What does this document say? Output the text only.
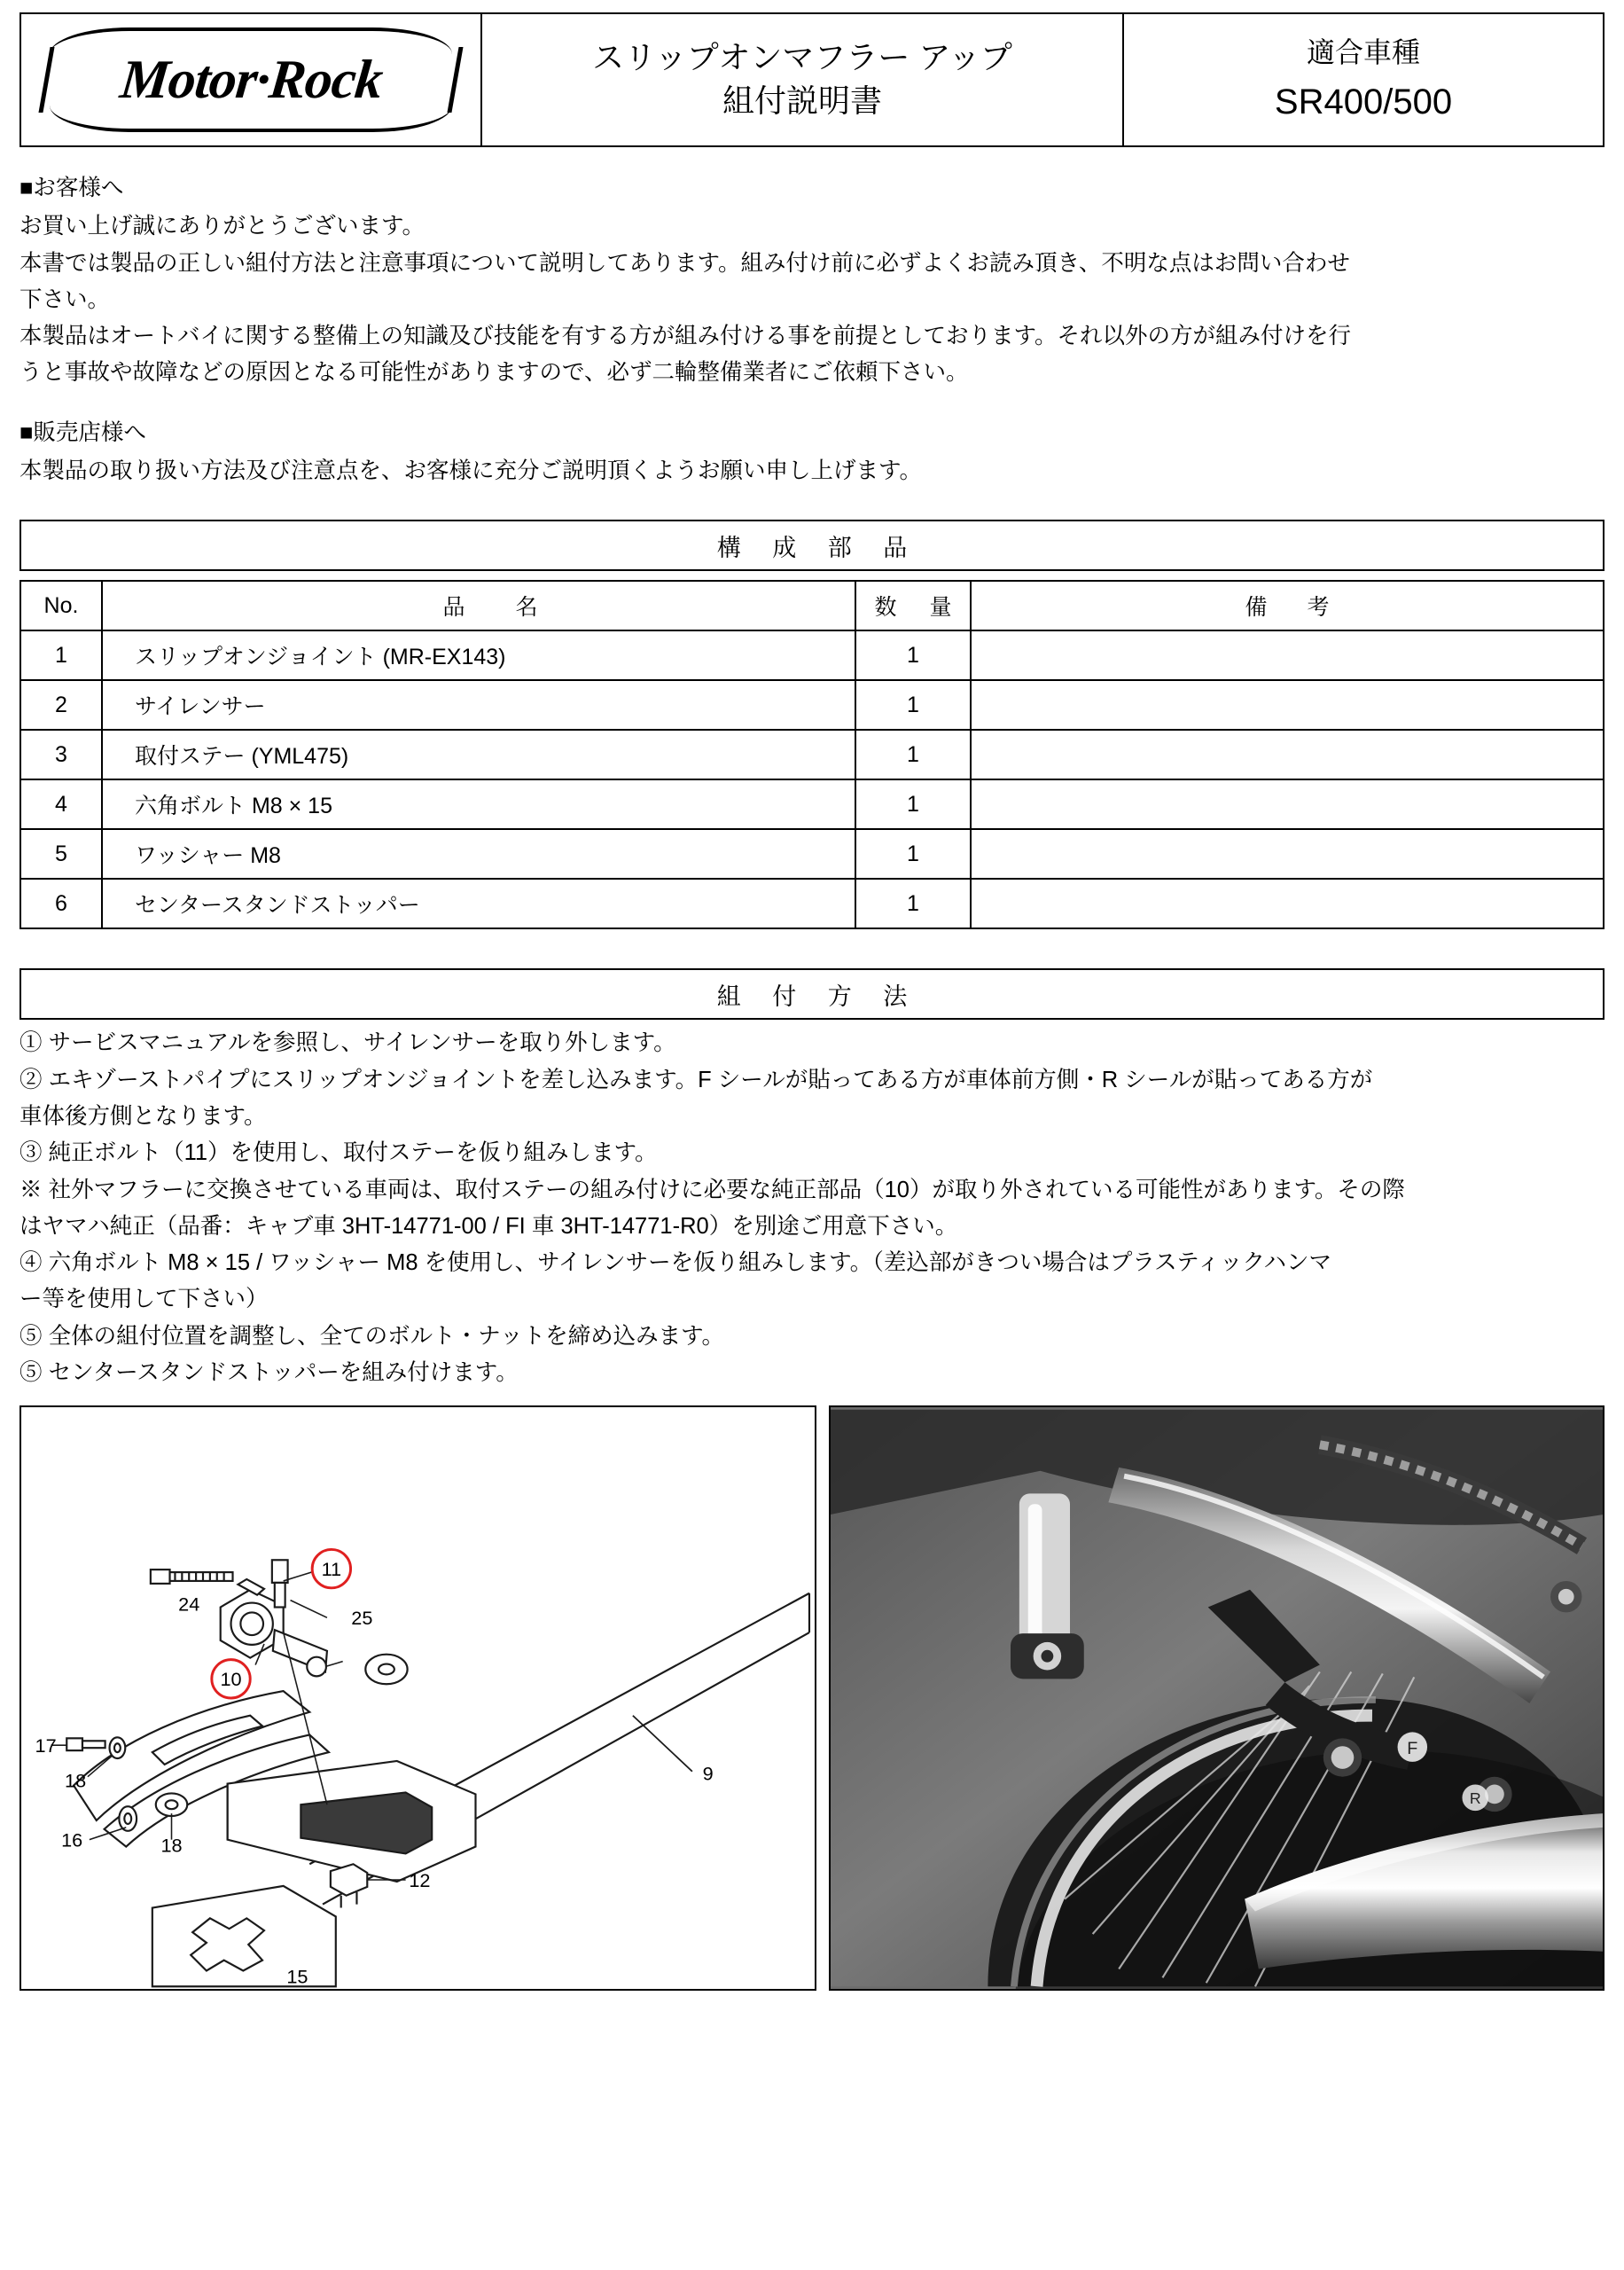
Motor·Rock	スリップオンマフラー アップ
組付説明書
適合車種
SR400/500
■お客様へ

お買い上げ誠にありがとうございます。

本書では製品の正しい組付方法と注意事項について説明してあります。組み付け前に必ずよくお読み頂き、不明な点はお問い合わせ

下さい。

本製品はオートバイに関する整備上の知識及び技能を有する方が組み付ける事を前提としております。それ以外の方が組み付けを行

うと事故や故障などの原因となる可能性がありますので、必ず二輪整備業者にご依頼下さい。

■販売店様へ

本製品の取り扱い方法及び注意点を、お客様に充分ご説明頂くようお願い申し上げます。

構 成 部 品
No.	品　名	数　量	備　考
1	スリップオンジョイント (MR-EX143)	1	
2	サイレンサー	1	
3	取付ステー (YML475)	1	
4	六角ボルト M8 × 15	1	
5	ワッシャー M8	1	
6	センタースタンドストッパー	1	
組 付 方 法

① サービスマニュアルを参照し、サイレンサーを取り外します。

② エキゾーストパイプにスリップオンジョイントを差し込みます。F シールが貼ってある方が車体前方側・R シールが貼ってある方が

車体後方側となります。

③ 純正ボルト（11）を使用し、取付ステーを仮り組みします。

※ 社外マフラーに交換させている車両は、取付ステーの組み付けに必要な純正部品（10）が取り外されている可能性があります。その際

はヤマハ純正（品番：キャブ車 3HT-14771-00 / FI 車 3HT-14771-R0）を別途ご用意下さい。

④ 六角ボルト M8 × 15 / ワッシャー M8 を使用し、サイレンサーを仮り組みします。（差込部がきつい場合はプラスティックハンマ

ー等を使用して下さい）

⑤ 全体の組付位置を調整し、全てのボルト・ナットを締め込みます。

⑤ センタースタンドストッパーを組み付けます。

11
10
24
25
17
18
16	18
9
12
15
F
R
